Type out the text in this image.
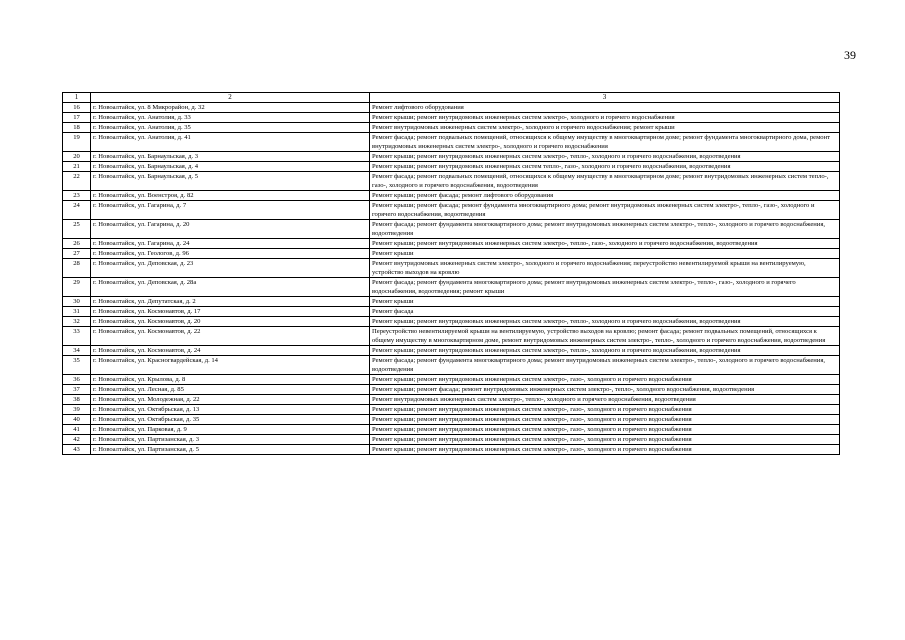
39
1	2	3
16	г. Новоалтайск, ул. 8 Микрорайон, д. 32	Ремонт лифтового оборудования
17	г. Новоалтайск, ул. Анатолия, д. 33	Ремонт крыши; ремонт внутридомовых инженерных систем электро-, холодного и горячего водоснабжения
18	г. Новоалтайск, ул. Анатолия, д. 35	Ремонт внутридомовых инженерных систем электро-, холодного и горячего водоснабжения; ремонт крыши
19	г. Новоалтайск, ул. Анатолия, д. 41	Ремонт фасада; ремонт подвальных помещений, относящихся к общему имуществу в многоквартирном доме; ремонт фундамента многоквартирного дома, ремонт внутридомовых инженерных систем электро-, холодного и горячего водоснабжения
20	г. Новоалтайск, ул. Барнаульская, д. 3	Ремонт крыши; ремонт внутридомовых инженерных систем электро-, тепло-, холодного и горячего водоснабжения, водоотведения
21	г. Новоалтайск, ул. Барнаульская, д. 4	Ремонт крыши; ремонт внутридомовых инженерных систем тепло-, газо-, холодного и горячего водоснабжения, водоотведения
22	г. Новоалтайск, ул. Барнаульская, д. 5	Ремонт фасада; ремонт подвальных помещений, относящихся к общему имуществу в многоквартирном доме; ремонт внутридомовых инженерных систем тепло-, газо-, холодного и горячего водоснабжения, водоотведения
23	г. Новоалтайск, ул. Военстроя, д. 82	Ремонт крыши; ремонт фасада; ремонт лифтового оборудования
24	г. Новоалтайск, ул. Гагарина, д. 7	Ремонт крыши; ремонт фасада; ремонт фундамента многоквартирного дома; ремонт внутридомовых инженерных систем электро-, тепло-, газо-, холодного и горячего водоснабжения, водоотведения
25	г. Новоалтайск, ул. Гагарина, д. 20	Ремонт фасада; ремонт фундамента многоквартирного дома; ремонт внутридомовых инженерных систем электро-, тепло-, холодного и горячего водоснабжения, водоотведения
26	г. Новоалтайск, ул. Гагарина, д. 24	Ремонт крыши; ремонт внутридомовых инженерных систем электро-, тепло-, газо-, холодного и горячего водоснабжения, водоотведения
27	г. Новоалтайск, ул. Геологов, д. 96	Ремонт крыши
28	г. Новоалтайск, ул. Деповская, д. 23	Ремонт внутридомовых инженерных систем электро-, холодного и горячего водоснабжения; переустройство невентилируемой крыши на вентилируемую, устройство выходов на кровлю
29	г. Новоалтайск, ул. Деповская, д. 28а	Ремонт фасада; ремонт фундамента многоквартирного дома; ремонт внутридомовых инженерных систем электро-, тепло-, газо-, холодного и горячего водоснабжения, водоотведения; ремонт крыши
30	г. Новоалтайск, ул. Депутатская, д. 2	Ремонт крыши
31	г. Новоалтайск, ул. Космонавтов, д. 17	Ремонт фасада
32	г. Новоалтайск, ул. Космонавтов, д. 20	Ремонт крыши; ремонт внутридомовых инженерных систем электро-, тепло-, холодного и горячего водоснабжения, водоотведения
33	г. Новоалтайск, ул. Космонавтов, д. 22	Переустройство невентилируемой крыши на вентилируемую, устройство выходов на кровлю; ремонт фасада; ремонт подвальных помещений, относящихся к общему имуществу в многоквартирном доме, ремонт внутридомовых инженерных систем электро-, тепло-, холодного и горячего водоснабжения, водоотведения
34	г. Новоалтайск, ул. Космонавтов, д. 24	Ремонт крыши; ремонт внутридомовых инженерных систем электро-, тепло-, холодного и горячего водоснабжения, водоотведения
35	г. Новоалтайск, ул. Красногвардейская, д. 14	Ремонт фасада; ремонт фундамента многоквартирного дома; ремонт внутридомовых инженерных систем электро-, тепло-, холодного и горячего водоснабжения, водоотведения
36	г. Новоалтайск, ул. Крылова, д. 8	Ремонт крыши; ремонт внутридомовых инженерных систем электро-, газо-, холодного и горячего водоснабжения
37	г. Новоалтайск, ул. Лесная, д. 85	Ремонт крыши; ремонт фасада; ремонт внутридомовых инженерных систем электро-, тепло-, холодного водоснабжения, водоотведения
38	г. Новоалтайск, ул. Молодежная, д. 22	Ремонт внутридомовых инженерных систем электро-, тепло-, холодного и горячего водоснабжения, водоотведения
39	г. Новоалтайск, ул. Октябрьская, д. 13	Ремонт крыши; ремонт внутридомовых инженерных систем электро-, газо-, холодного и горячего водоснабжения
40	г. Новоалтайск, ул. Октябрьская, д. 35	Ремонт крыши; ремонт внутридомовых инженерных систем электро-, газо-, холодного и горячего водоснабжения
41	г. Новоалтайск, ул. Парковая, д. 9	Ремонт крыши; ремонт внутридомовых инженерных систем электро-, газо-, холодного и горячего водоснабжения
42	г. Новоалтайск, ул. Партизанская, д. 3	Ремонт крыши; ремонт внутридомовых инженерных систем электро-, газо-, холодного и горячего водоснабжения
43	г. Новоалтайск, ул. Партизанская, д. 5	Ремонт крыши; ремонт внутридомовых инженерных систем электро-, газо-, холодного и горячего водоснабжения
